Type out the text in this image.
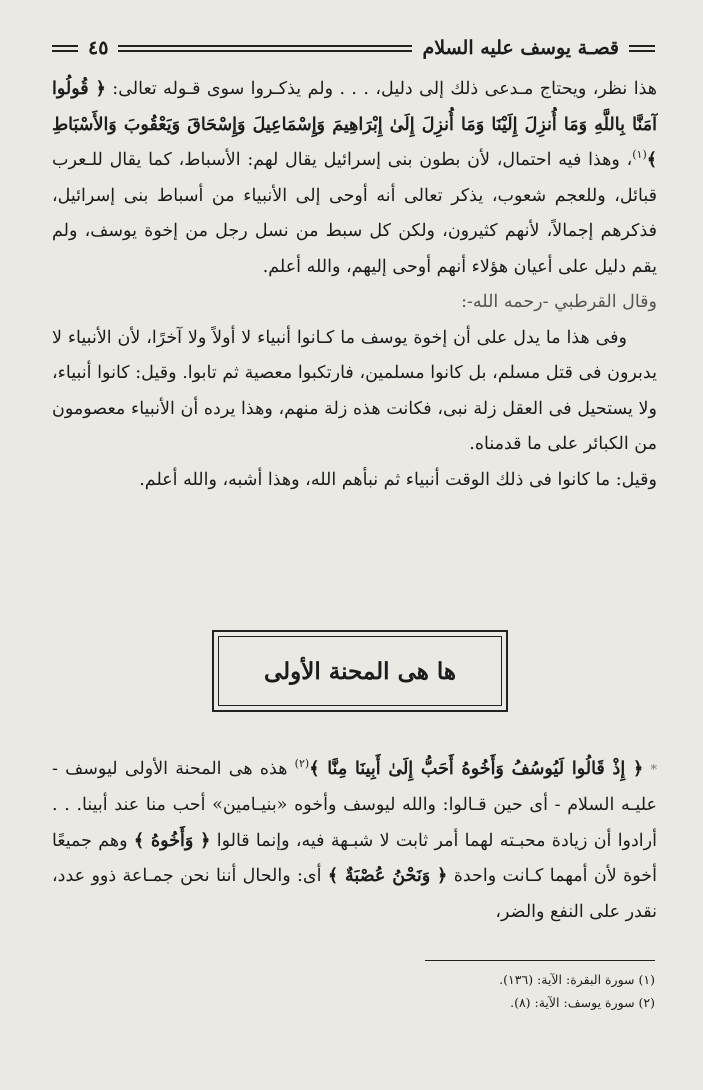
قصـة يوسف عليه السلام
٤٥

هذا نظر، ويحتاج مـدعى ذلك إلى دليل، . . . ولم يذكـروا سوى قـوله تعالى: ﴿ قُولُوا آمَنَّا بِاللَّهِ وَمَا أُنزِلَ إِلَيْنَا وَمَا أُنزِلَ إِلَىٰ إِبْرَاهِيمَ وَإِسْمَاعِيلَ وَإِسْحَاقَ وَيَعْقُوبَ وَالأَسْبَاطِ ﴾$^{(١)}$، وهذا فيه احتمال، لأن بطون بنى إسرائيل يقال لهم: الأسباط، كما يقال للـعرب قبائل، وللعجم شعوب، يذكر تعالى أنه أوحى إلى الأنبياء من أسباط بنى إسرائيل، فذكرهم إجمالاً، لأنهم كثيرون، ولكن كل سبط من نسل رجل من إخوة يوسف، ولم يقم دليل على أعيان هؤلاء أنهم أوحى إليهم، والله أعلم.

وقال القرطبي -رحمه الله-:

وفى هذا ما يدل على أن إخوة يوسف ما كـانوا أنبياء لا أولاً ولا آخرًا، لأن الأنبياء لا يدبرون فى قتل مسلم، بل كانوا مسلمين، فارتكبوا معصية ثم تابوا. وقيل: كانوا أنبياء، ولا يستحيل فى العقل زلة نبى، فكانت هذه زلة منهم، وهذا يرده أن الأنبياء معصومون من الكبائر على ما قدمناه.

وقيل: ما كانوا فى ذلك الوقت أنبياء ثم نبأهم الله، وهذا أشبه، والله أعلم.

ها هى المحنة الأولى

* ﴿ إِذْ قَالُوا لَيُوسُفُ وَأَخُوهُ أَحَبُّ إِلَىٰ أَبِينَا مِنَّا ﴾$^{(٢)}$ هذه هى المحنة الأولى ليوسف - عليـه السلام - أى حين قـالوا: والله ليوسف وأخوه «بنيـامين» أحب منا عند أبينا. . . أرادوا أن زيادة محبـته لهما أمر ثابت لا شبـهة فيه، وإنما قالوا ﴿ وَأَخُوهُ ﴾ وهم جميعًا أخوة لأن أمهما كـانت واحدة ﴿ وَنَحْنُ عُصْبَةٌ ﴾ أى: والحال أننا نحن جمـاعة ذوو عدد، نقدر على النفع والضر،

(١) سورة البقرة: الآية: (١٣٦).
(٢) سورة يوسف: الآية: (٨).
